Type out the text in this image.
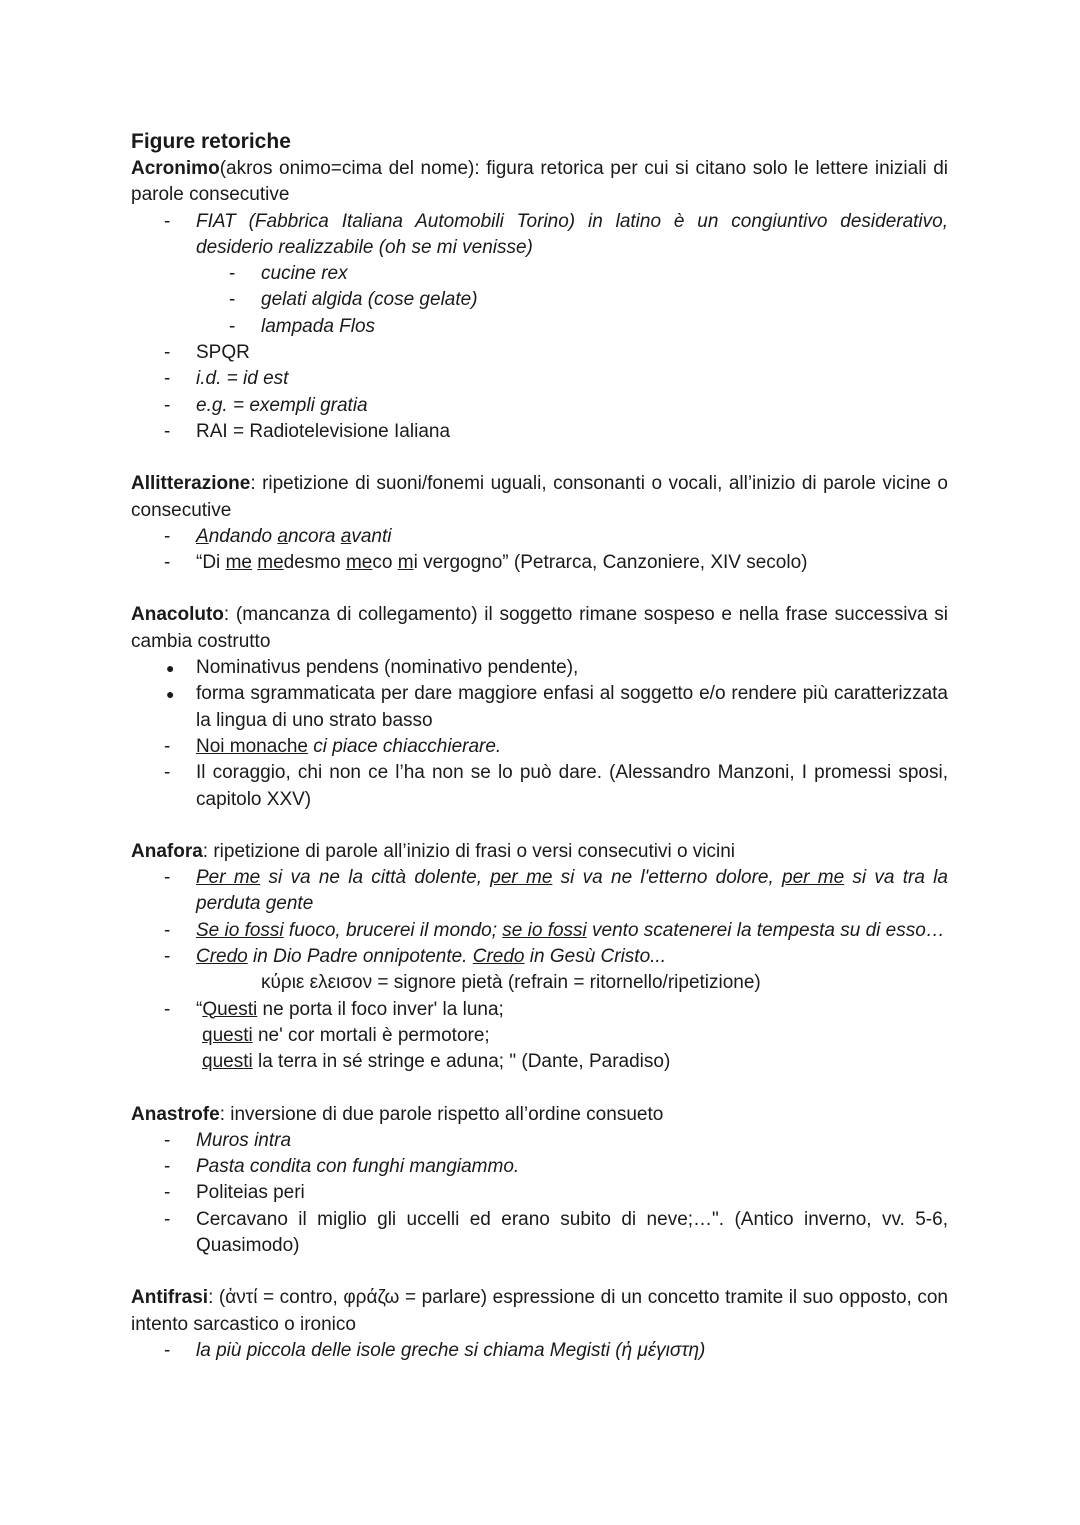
Figure retoriche

Acronimo(akros onimo=cima del nome): figura retorica per cui si citano solo le lettere iniziali di parole consecutive

- FIAT (Fabbrica Italiana Automobili Torino) in latino è un congiuntivo desiderativo, desiderio realizzabile (oh se mi venisse)
- cucine rex
- gelati algida (cose gelate)
- lampada Flos
- SPQR
- i.d. = id est
- e.g. = exempli gratia
- RAI = Radiotelevisione Ialiana

Allitterazione: ripetizione di suoni/fonemi uguali, consonanti o vocali, all’inizio di parole vicine o consecutive

- Andando ancora avanti
- “Di me medesmo meco mi vergogno” (Petrarca, Canzoniere, XIV secolo)

Anacoluto: (mancanza di collegamento) il soggetto rimane sospeso e nella frase successiva si cambia costrutto

● Nominativus pendens (nominativo pendente),
● forma sgrammaticata per dare maggiore enfasi al soggetto e/o rendere più caratterizzata la lingua di uno strato basso
- Noi monache ci piace chiacchierare.
- Il coraggio, chi non ce l’ha non se lo può dare. (Alessandro Manzoni, I promessi sposi, capitolo XXV)

Anafora: ripetizione di parole all’inizio di frasi o versi consecutivi o vicini

- Per me si va ne la città dolente, per me si va ne l'etterno dolore, per me si va tra la perduta gente
- Se io fossi fuoco, brucerei il mondo; se io fossi vento scatenerei la tempesta su di esso…
- Credo in Dio Padre onnipotente. Credo in Gesù Cristo...
κύριε ελεισον = signore pietà (refrain = ritornello/ripetizione)
- “Questi ne porta il foco inver' la luna;
questi ne' cor mortali è permotore;
questi la terra in sé stringe e aduna; " (Dante, Paradiso)

Anastrofe: inversione di due parole rispetto all’ordine consueto

- Muros intra
- Pasta condita con funghi mangiammo.
- Politeias peri
- Cercavano il miglio gli uccelli ed erano subito di neve;…". (Antico inverno, vv. 5-6, Quasimodo)

Antifrasi: (ἀντί = contro, φράζω = parlare) espressione di un concetto tramite il suo opposto, con intento sarcastico o ironico

- la più piccola delle isole greche si chiama Megisti (ἡ μέγιστη)
